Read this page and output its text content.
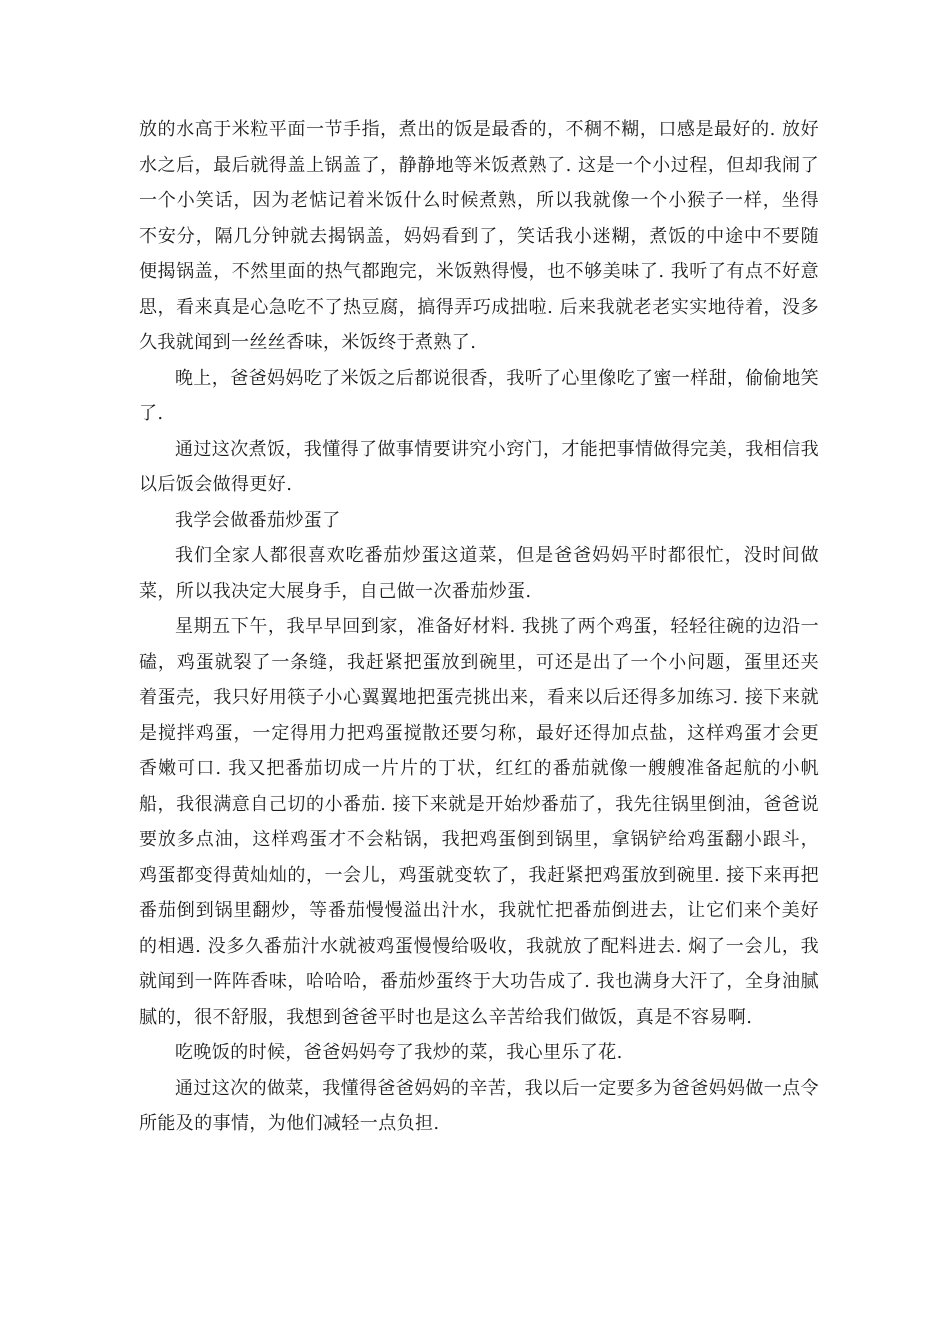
放的水高于米粒平面一节手指，煮出的饭是最香的，不稠不糊，口感是最好的. 放好水之后，最后就得盖上锅盖了，静静地等米饭煮熟了. 这是一个小过程，但却我闹了一个小笑话，因为老惦记着米饭什么时候煮熟，所以我就像一个小猴子一样，坐得不安分，隔几分钟就去揭锅盖，妈妈看到了，笑话我小迷糊，煮饭的中途中不要随便揭锅盖，不然里面的热气都跑完，米饭熟得慢，也不够美味了. 我听了有点不好意思，看来真是心急吃不了热豆腐，搞得弄巧成拙啦. 后来我就老老实实地待着，没多久我就闻到一丝丝香味，米饭终于煮熟了.

晚上，爸爸妈妈吃了米饭之后都说很香，我听了心里像吃了蜜一样甜，偷偷地笑了.

通过这次煮饭，我懂得了做事情要讲究小窍门，才能把事情做得完美，我相信我以后饭会做得更好.

我学会做番茄炒蛋了

我们全家人都很喜欢吃番茄炒蛋这道菜，但是爸爸妈妈平时都很忙，没时间做菜，所以我决定大展身手，自己做一次番茄炒蛋.

星期五下午，我早早回到家，准备好材料. 我挑了两个鸡蛋，轻轻往碗的边沿一磕，鸡蛋就裂了一条缝，我赶紧把蛋放到碗里，可还是出了一个小问题，蛋里还夹着蛋壳，我只好用筷子小心翼翼地把蛋壳挑出来，看来以后还得多加练习. 接下来就是搅拌鸡蛋，一定得用力把鸡蛋搅散还要匀称，最好还得加点盐，这样鸡蛋才会更香嫩可口. 我又把番茄切成一片片的丁状，红红的番茄就像一艘艘准备起航的小帆船，我很满意自己切的小番茄. 接下来就是开始炒番茄了，我先往锅里倒油，爸爸说要放多点油，这样鸡蛋才不会粘锅，我把鸡蛋倒到锅里，拿锅铲给鸡蛋翻小跟斗，鸡蛋都变得黄灿灿的，一会儿，鸡蛋就变软了，我赶紧把鸡蛋放到碗里. 接下来再把番茄倒到锅里翻炒，等番茄慢慢溢出汁水，我就忙把番茄倒进去，让它们来个美好的相遇. 没多久番茄汁水就被鸡蛋慢慢给吸收，我就放了配料进去. 焖了一会儿，我就闻到一阵阵香味，哈哈哈，番茄炒蛋终于大功告成了. 我也满身大汗了，全身油腻腻的，很不舒服，我想到爸爸平时也是这么辛苦给我们做饭，真是不容易啊.

吃晚饭的时候，爸爸妈妈夸了我炒的菜，我心里乐了花.

通过这次的做菜，我懂得爸爸妈妈的辛苦，我以后一定要多为爸爸妈妈做一点令所能及的事情，为他们减轻一点负担.
